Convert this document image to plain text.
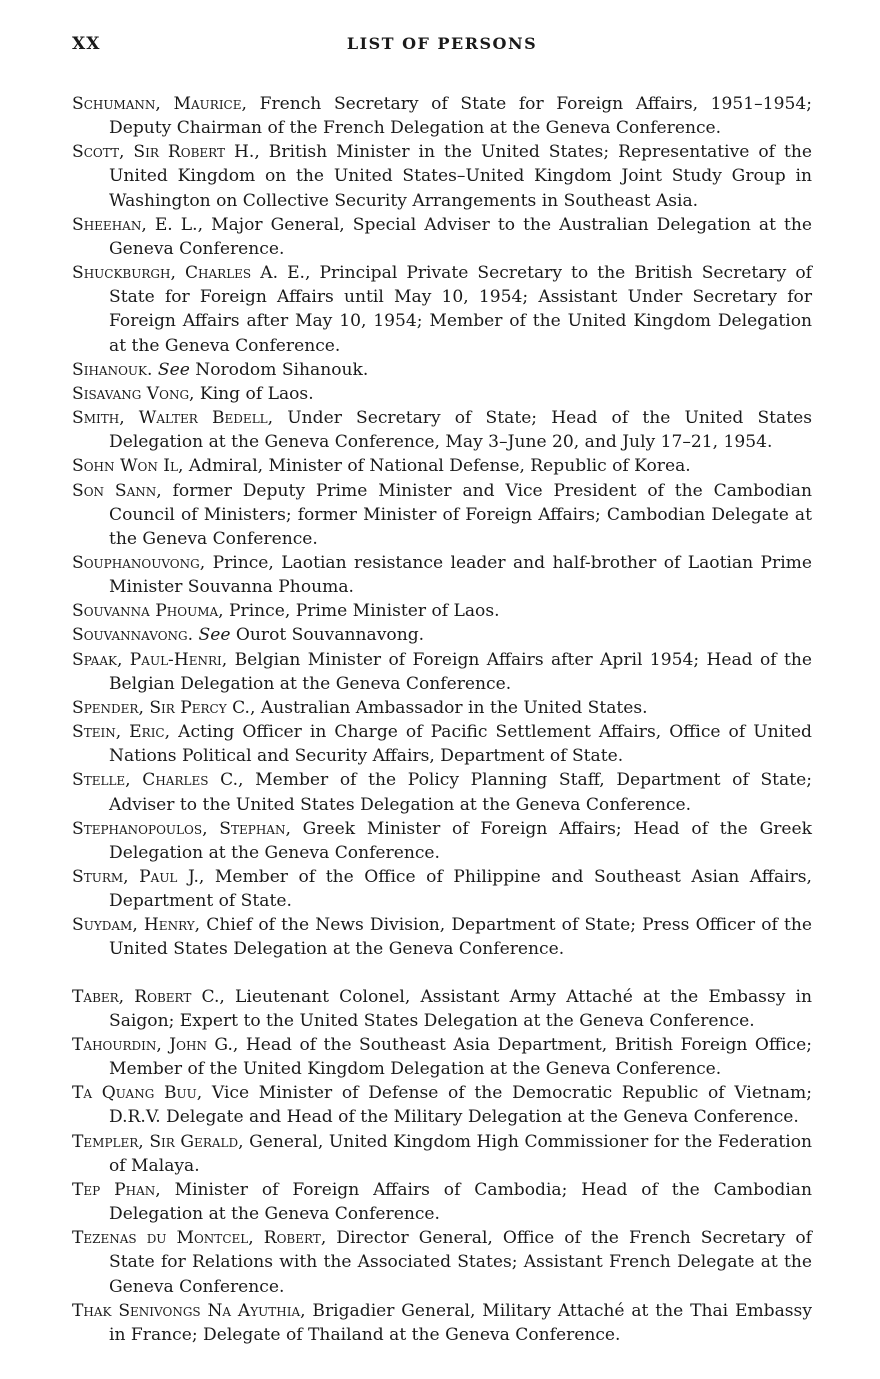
XX	LIST OF PERSONS

Schumann, Maurice, French Secretary of State for Foreign Affairs, 1951–1954; Deputy Chairman of the French Delegation at the Geneva Conference.

Scott, Sir Robert H., British Minister in the United States; Representative of the United Kingdom on the United States–United Kingdom Joint Study Group in Washington on Collective Security Arrangements in Southeast Asia.

Sheehan, E. L., Major General, Special Adviser to the Australian Delegation at the Geneva Conference.

Shuckburgh, Charles A. E., Principal Private Secretary to the British Secretary of State for Foreign Affairs until May 10, 1954; Assistant Under Secretary for Foreign Affairs after May 10, 1954; Member of the United Kingdom Delegation at the Geneva Conference.

Sihanouk. See Norodom Sihanouk.

Sisavang Vong, King of Laos.

Smith, Walter Bedell, Under Secretary of State; Head of the United States Delegation at the Geneva Conference, May 3–June 20, and July 17–21, 1954.

Sohn Won Il, Admiral, Minister of National Defense, Republic of Korea.

Son Sann, former Deputy Prime Minister and Vice President of the Cambodian Council of Ministers; former Minister of Foreign Affairs; Cambodian Delegate at the Geneva Conference.

Souphanouvong, Prince, Laotian resistance leader and half-brother of Laotian Prime Minister Souvanna Phouma.

Souvanna Phouma, Prince, Prime Minister of Laos.

Souvannavong. See Ourot Souvannavong.

Spaak, Paul-Henri, Belgian Minister of Foreign Affairs after April 1954; Head of the Belgian Delegation at the Geneva Conference.

Spender, Sir Percy C., Australian Ambassador in the United States.

Stein, Eric, Acting Officer in Charge of Pacific Settlement Affairs, Office of United Nations Political and Security Affairs, Department of State.

Stelle, Charles C., Member of the Policy Planning Staff, Department of State; Adviser to the United States Delegation at the Geneva Conference.

Stephanopoulos, Stephan, Greek Minister of Foreign Affairs; Head of the Greek Delegation at the Geneva Conference.

Sturm, Paul J., Member of the Office of Philippine and Southeast Asian Affairs, Department of State.

Suydam, Henry, Chief of the News Division, Department of State; Press Officer of the United States Delegation at the Geneva Conference.

Taber, Robert C., Lieutenant Colonel, Assistant Army Attaché at the Embassy in Saigon; Expert to the United States Delegation at the Geneva Conference.

Tahourdin, John G., Head of the Southeast Asia Department, British Foreign Office; Member of the United Kingdom Delegation at the Geneva Conference.

Ta Quang Buu, Vice Minister of Defense of the Democratic Republic of Vietnam; D.R.V. Delegate and Head of the Military Delegation at the Geneva Conference.

Templer, Sir Gerald, General, United Kingdom High Commissioner for the Federation of Malaya.

Tep Phan, Minister of Foreign Affairs of Cambodia; Head of the Cambodian Delegation at the Geneva Conference.

Tezenas du Montcel, Robert, Director General, Office of the French Secretary of State for Relations with the Associated States; Assistant French Delegate at the Geneva Conference.

Thak Senivongs Na Ayuthia, Brigadier General, Military Attaché at the Thai Embassy in France; Delegate of Thailand at the Geneva Conference.
